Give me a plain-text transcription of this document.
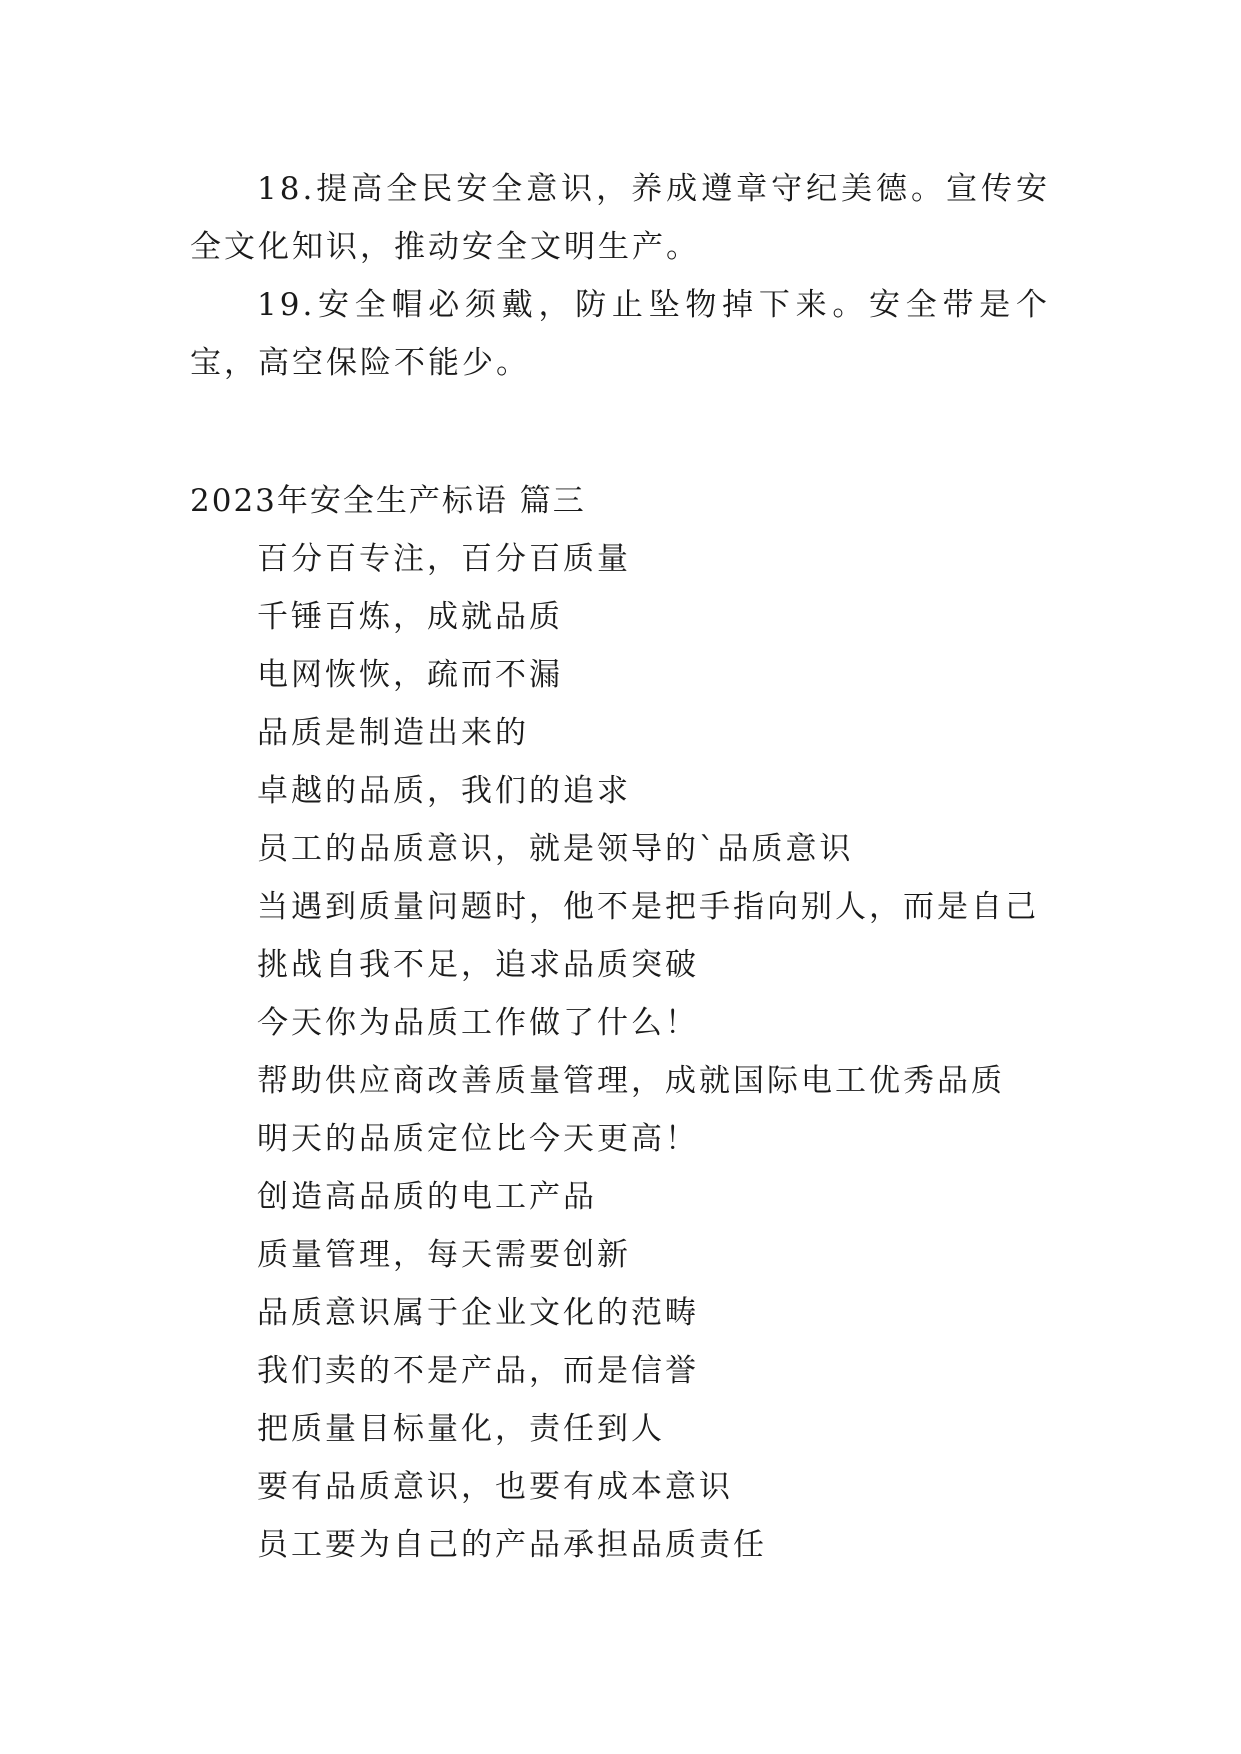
18.提高全民安全意识，养成遵章守纪美德。宣传安全文化知识，推动安全文明生产。

19.安全帽必须戴，防止坠物掉下来。安全带是个宝，高空保险不能少。

2023年安全生产标语 篇三
百分百专注，百分百质量
千锤百炼，成就品质
电网恢恢，疏而不漏
品质是制造出来的
卓越的品质，我们的追求
员工的品质意识，就是领导的`品质意识
当遇到质量问题时，他不是把手指向别人，而是自己
挑战自我不足，追求品质突破
今天你为品质工作做了什么！
帮助供应商改善质量管理，成就国际电工优秀品质
明天的品质定位比今天更高！
创造高品质的电工产品
质量管理，每天需要创新
品质意识属于企业文化的范畴
我们卖的不是产品，而是信誉
把质量目标量化，责任到人
要有品质意识，也要有成本意识
员工要为自己的产品承担品质责任
